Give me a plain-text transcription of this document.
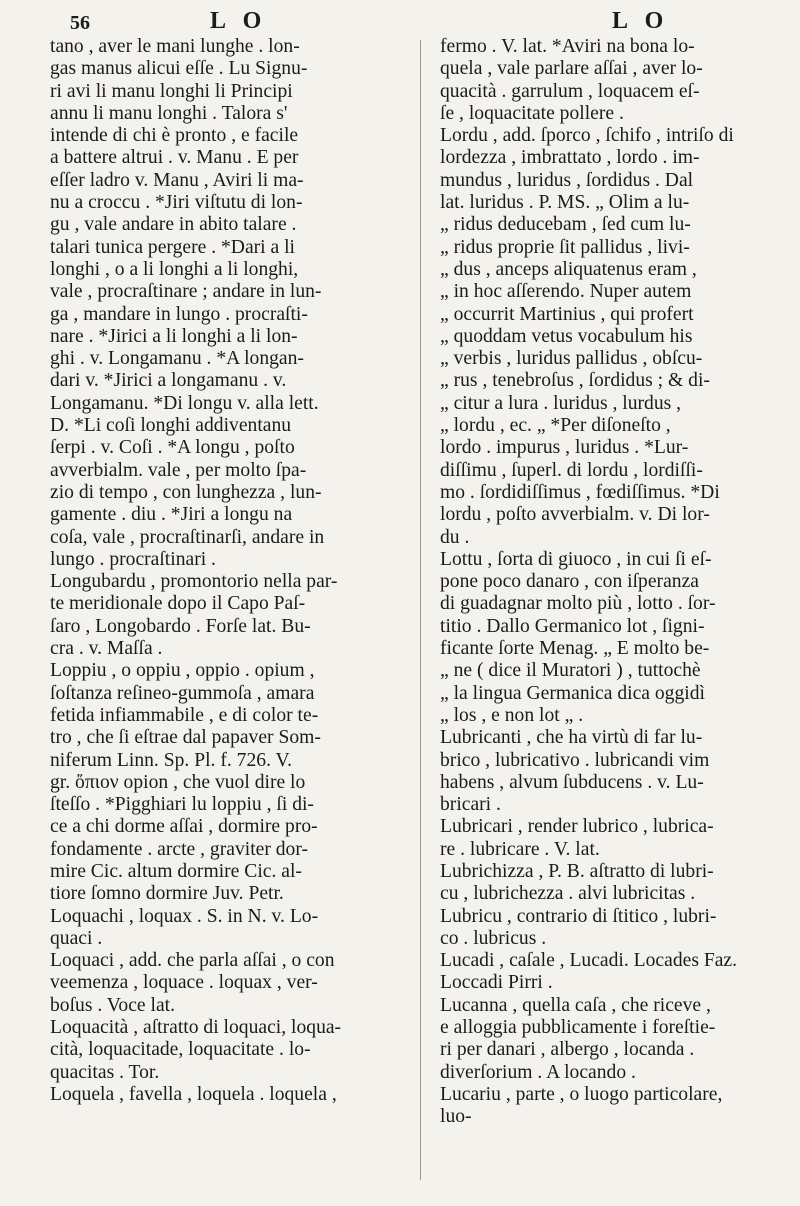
56	L O	L O

tano , aver le mani lunghe . lon-
gas manus alicui eſſe . Lu Signu-
ri avi li manu longhi li Principi
annu li manu longhi . Talora s'
intende di chi è pronto , e facile
a battere altrui . v. Manu . E per
eſſer ladro v. Manu , Aviri li ma-
nu a croccu . *Jiri viſtutu di lon-
gu , vale andare in abito talare .
talari tunica pergere . *Dari a li
longhi , o a li longhi a li longhi,
vale , procraſtinare ; andare in lun-
ga , mandare in lungo . procraſti-
nare . *Jirici a li longhi a li lon-
ghi . v. Longamanu . *A longan-
dari v. *Jirici a longamanu . v.
Longamanu. *Di longu v. alla lett.
D. *Li coſi longhi addiventanu
ſerpi . v. Coſi . *A longu , poſto
avverbialm. vale , per molto ſpa-
zio di tempo , con lunghezza , lun-
gamente . diu . *Jiri a longu na
coſa, vale , procraſtinarſi, andare in
lungo . procraſtinari .

Longubardu , promontorio nella par-
te meridionale dopo il Capo Paſ-
ſaro , Longobardo . Forſe lat. Bu-
cra . v. Maſſa .

Loppiu , o oppiu , oppio . opium ,
ſoſtanza reſineo-gummoſa , amara
fetida infiammabile , e di color te-
tro , che ſi eſtrae dal papaver Som-
niferum Linn. Sp. Pl. f. 726. V.
gr. ὄπιον opion , che vuol dire lo
ſteſſo . *Pigghiari lu loppiu , ſi di-
ce a chi dorme aſſai , dormire pro-
fondamente . arcte , graviter dor-
mire Cic. altum dormire Cic. al-
tiore ſomno dormire Juv. Petr.

Loquachi , loquax . S. in N. v. Lo-
quaci .

Loquaci , add. che parla aſſai , o con
veemenza , loquace . loquax , ver-
boſus . Voce lat.

Loquacità , aſtratto di loquaci, loqua-
cità, loquacitade, loquacitate . lo-
quacitas . Tor.

Loquela , favella , loquela . loquela ,

fermo . V. lat. *Aviri na bona lo-
quela , vale parlare aſſai , aver lo-
quacità . garrulum , loquacem eſ-
ſe , loquacitate pollere .

Lordu , add. ſporco , ſchifo , intriſo di
lordezza , imbrattato , lordo . im-
mundus , luridus , ſordidus . Dal
lat. luridus . P. MS. „ Olim a lu-
„ ridus deducebam , ſed cum lu-
„ ridus proprie ſit pallidus , livi-
„ dus , anceps aliquatenus eram ,
„ in hoc aſſerendo. Nuper autem
„ occurrit Martinius , qui profert
„ quoddam vetus vocabulum his
„ verbis , luridus pallidus , obſcu-
„ rus , tenebroſus , ſordidus ; & di-
„ citur a lura . luridus , lurdus ,
„ lordu , ec. „ *Per diſoneſto ,
lordo . impurus , luridus . *Lur-
diſſimu , ſuperl. di lordu , lordiſſi-
mo . ſordidiſſimus , fœdiſſimus. *Di
lordu , poſto avverbialm. v. Di lor-
du .

Lottu , ſorta di giuoco , in cui ſi eſ-
pone poco danaro , con iſperanza
di guadagnar molto più , lotto . ſor-
titio . Dallo Germanico lot , ſigni-
ficante ſorte Menag. „ E molto be-
„ ne ( dice il Muratori ) , tuttochè
„ la lingua Germanica dica oggidì
„ los , e non lot „ .

Lubricanti , che ha virtù di far lu-
brico , lubricativo . lubricandi vim
habens , alvum ſubducens . v. Lu-
bricari .

Lubricari , render lubrico , lubrica-
re . lubricare . V. lat.

Lubrichizza , P. B. aſtratto di lubri-
cu , lubrichezza . alvi lubricitas .

Lubricu , contrario di ſtitico , lubri-
co . lubricus .

Lucadi , caſale , Lucadi. Locades Faz.
Loccadi Pirri .

Lucanna , quella caſa , che riceve ,
e alloggia pubblicamente i foreſtie-
ri per danari , albergo , locanda .
diverſorium . A locando .

Lucariu , parte , o luogo particolare,
luo-
